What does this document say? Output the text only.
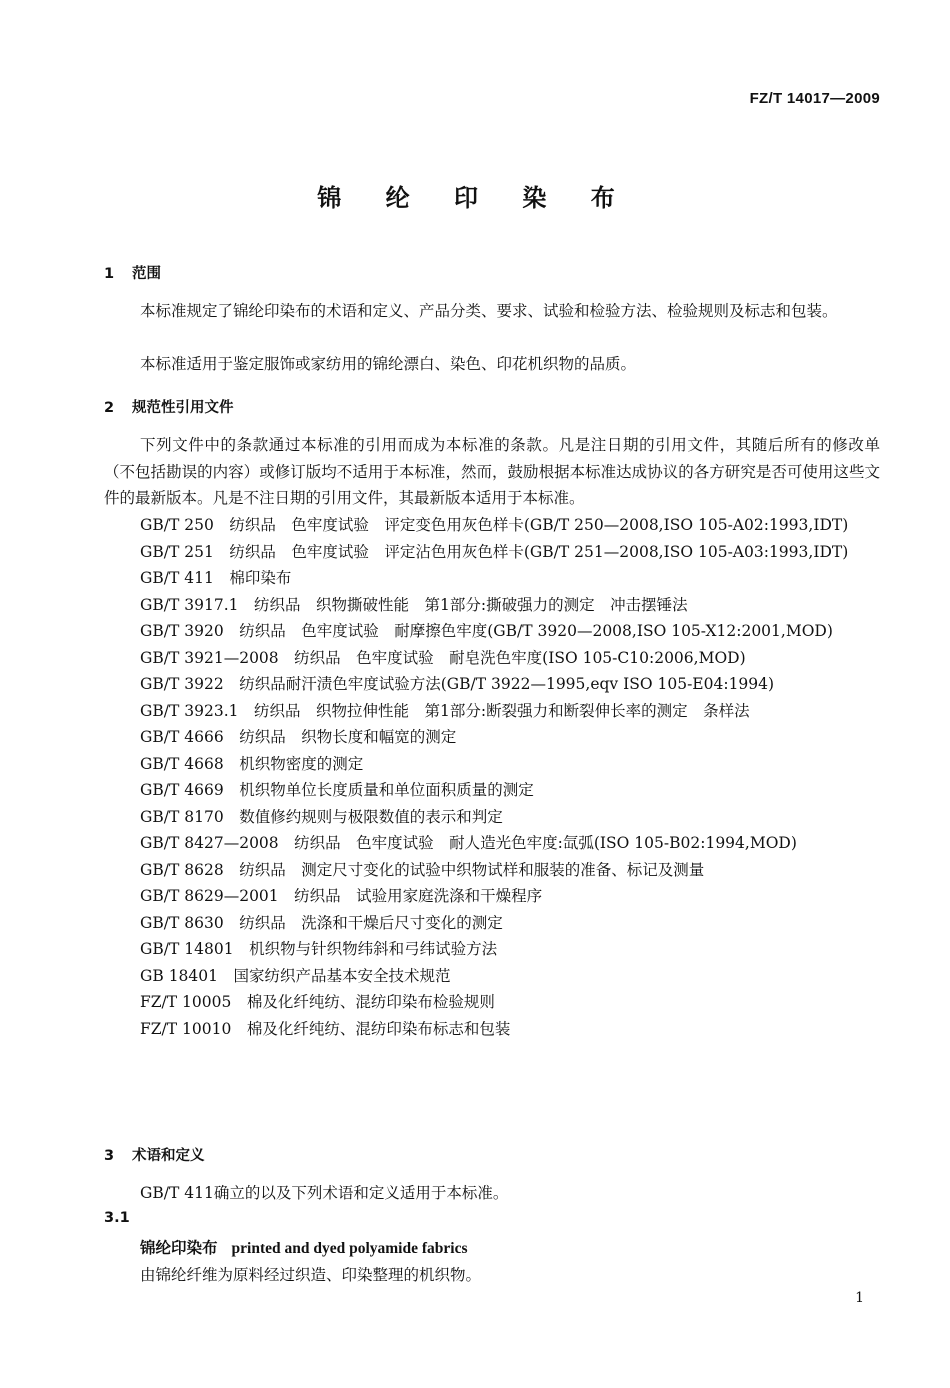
FZ/T 14017—2009
锦 纶 印 染 布
1 范围
本标准规定了锦纶印染布的术语和定义、产品分类、要求、试验和检验方法、检验规则及标志和包装。
本标准适用于鉴定服饰或家纺用的锦纶漂白、染色、印花机织物的品质。
2 规范性引用文件
下列文件中的条款通过本标准的引用而成为本标准的条款。凡是注日期的引用文件，其随后所有的修改单（不包括勘误的内容）或修订版均不适用于本标准，然而，鼓励根据本标准达成协议的各方研究是否可使用这些文件的最新版本。凡是不注日期的引用文件，其最新版本适用于本标准。
GB/T 250　纺织品　色牢度试验　评定变色用灰色样卡(GB/T 250—2008,ISO 105-A02:1993,IDT)
GB/T 251　纺织品　色牢度试验　评定沾色用灰色样卡(GB/T 251—2008,ISO 105-A03:1993,IDT)
GB/T 411　棉印染布
GB/T 3917.1　纺织品　织物撕破性能　第1部分:撕破强力的测定　冲击摆锤法
GB/T 3920　纺织品　色牢度试验　耐摩擦色牢度(GB/T 3920—2008,ISO 105-X12:2001,MOD)
GB/T 3921—2008　纺织品　色牢度试验　耐皂洗色牢度(ISO 105-C10:2006,MOD)
GB/T 3922　纺织品耐汗渍色牢度试验方法(GB/T 3922—1995,eqv ISO 105-E04:1994)
GB/T 3923.1　纺织品　织物拉伸性能　第1部分:断裂强力和断裂伸长率的测定　条样法
GB/T 4666　纺织品　织物长度和幅宽的测定
GB/T 4668　机织物密度的测定
GB/T 4669　机织物单位长度质量和单位面积质量的测定
GB/T 8170　数值修约规则与极限数值的表示和判定
GB/T 8427—2008　纺织品　色牢度试验　耐人造光色牢度:氙弧(ISO 105-B02:1994,MOD)
GB/T 8628　纺织品　测定尺寸变化的试验中织物试样和服装的准备、标记及测量
GB/T 8629—2001　纺织品　试验用家庭洗涤和干燥程序
GB/T 8630　纺织品　洗涤和干燥后尺寸变化的测定
GB/T 14801　机织物与针织物纬斜和弓纬试验方法
GB 18401　国家纺织产品基本安全技术规范
FZ/T 10005　棉及化纤纯纺、混纺印染布检验规则
FZ/T 10010　棉及化纤纯纺、混纺印染布标志和包装
3 术语和定义
GB/T 411确立的以及下列术语和定义适用于本标准。
3.1
锦纶印染布 printed and dyed polyamide fabrics
由锦纶纤维为原料经过织造、印染整理的机织物。
1
